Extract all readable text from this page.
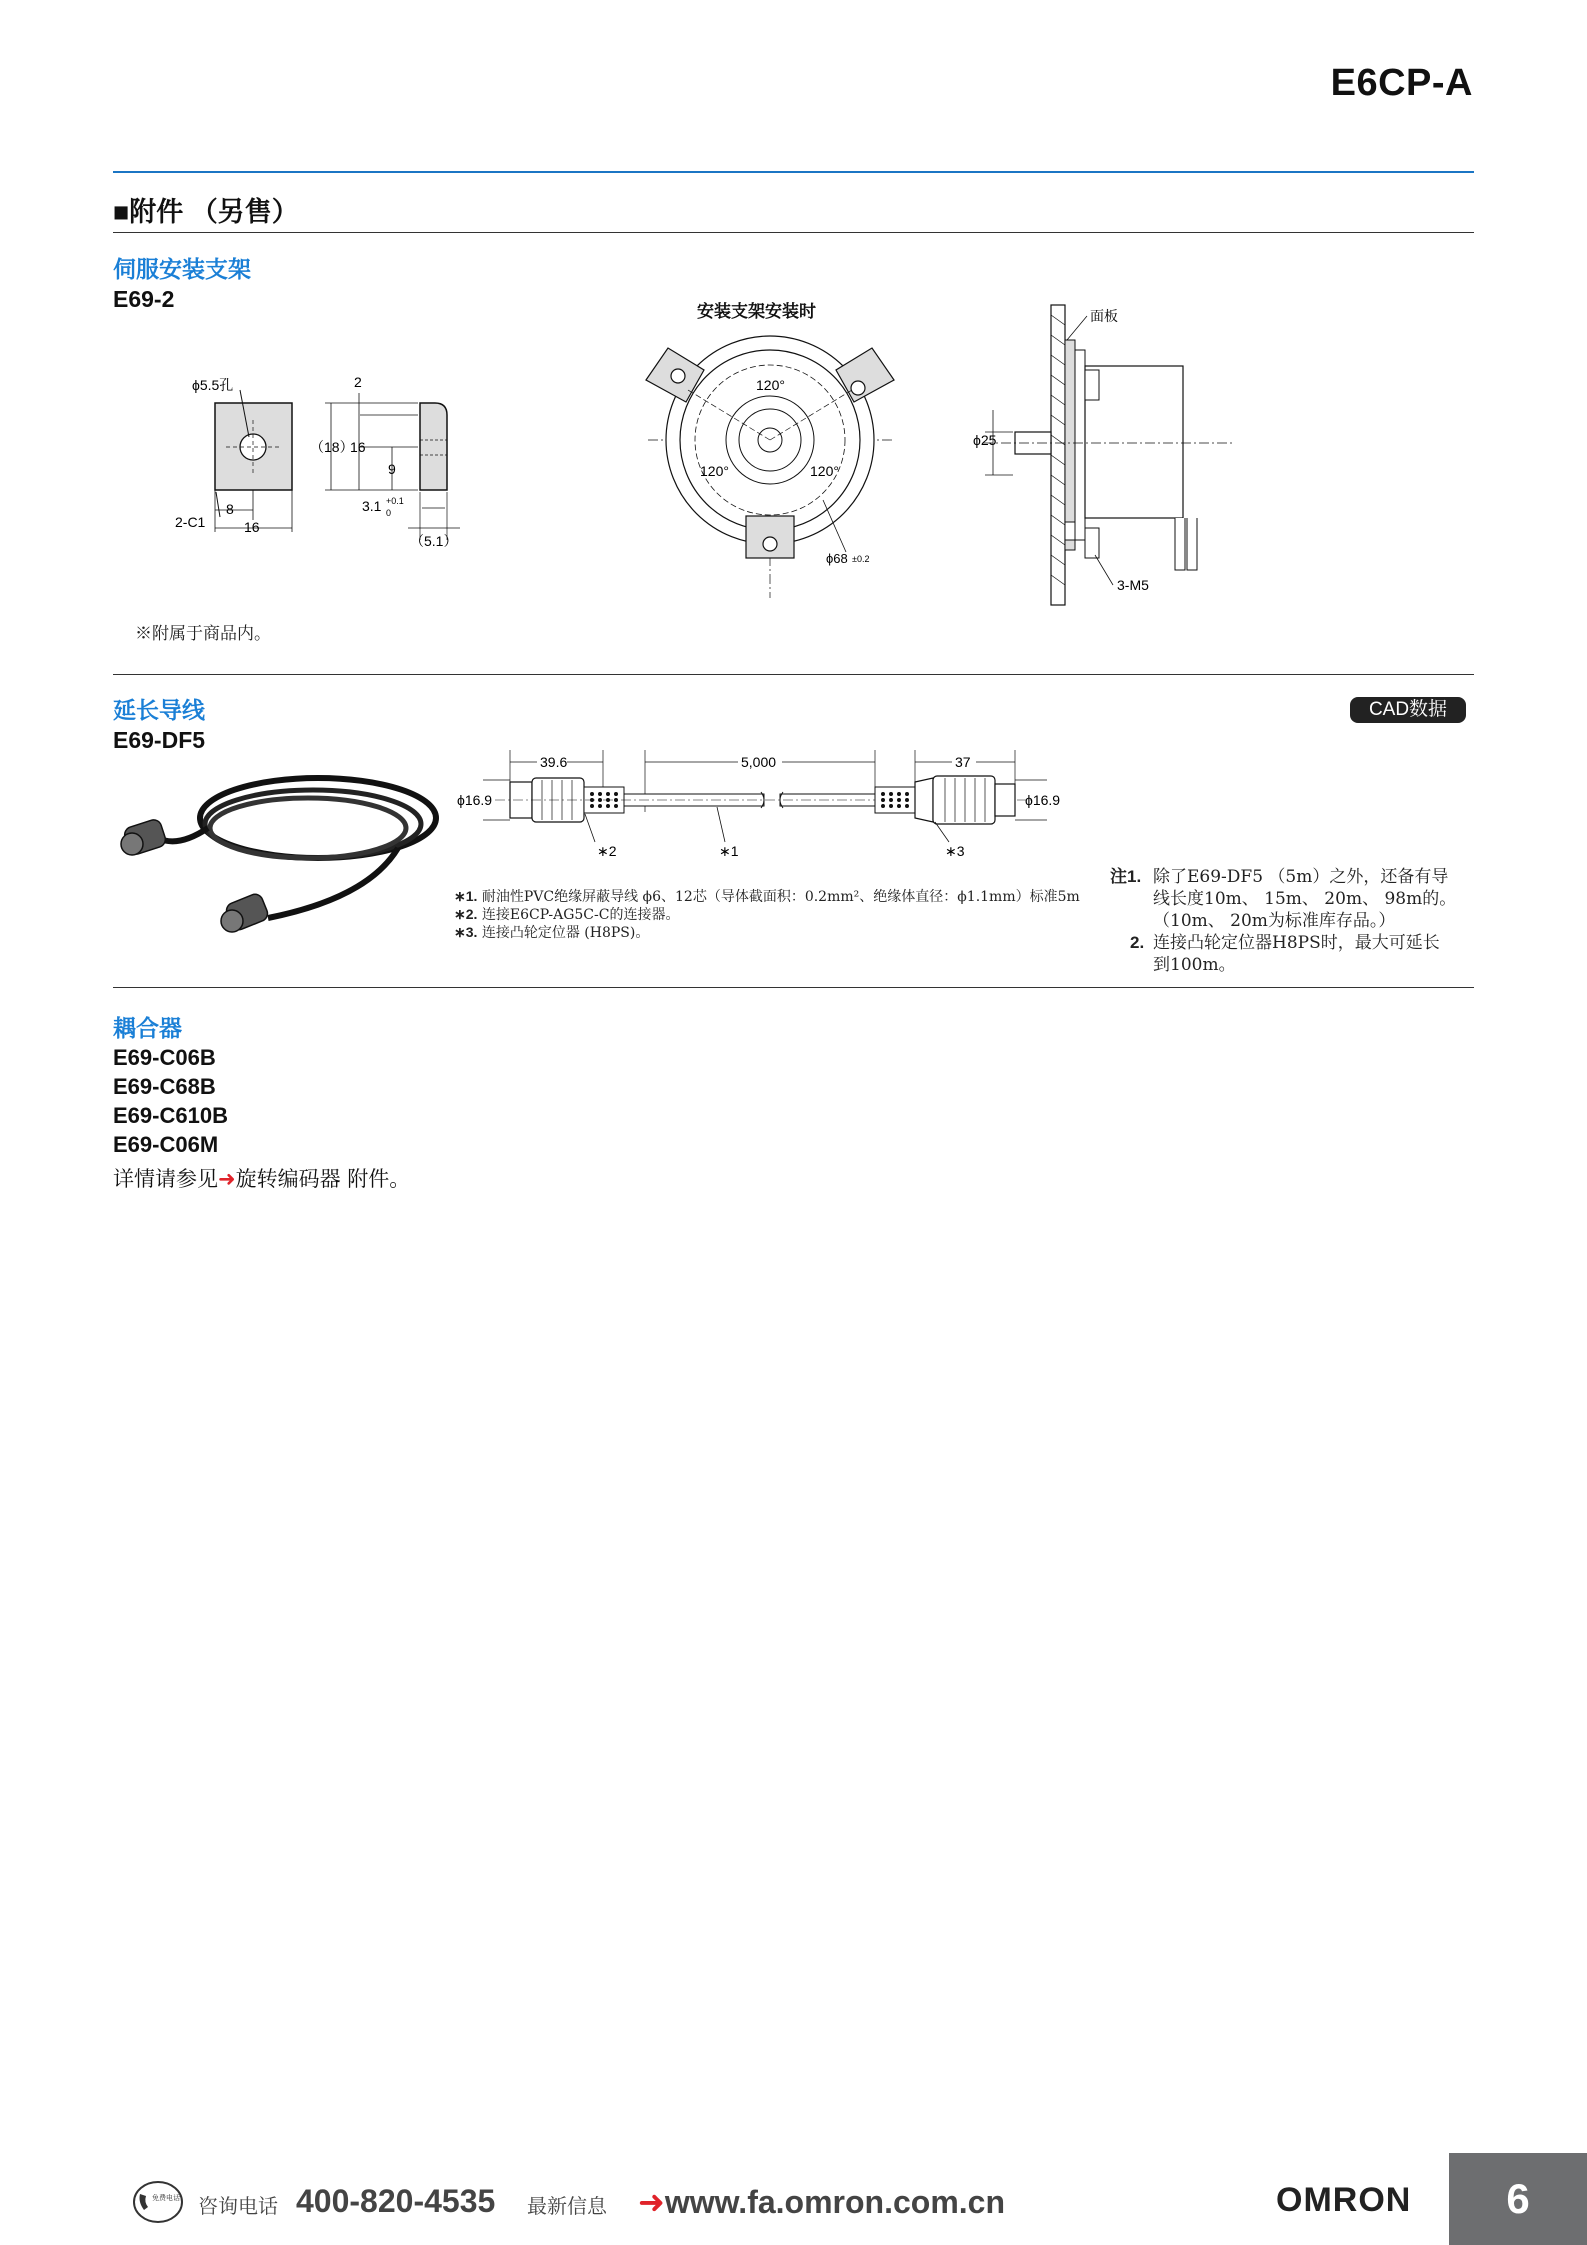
E6CP-A
■附件 （另售）
伺服安装支架
E69-2
ϕ5.5孔
2-C1
8
16
2
（18）
16
9
3.1 +0.1
0
（5.1）
安装支架安装时
120°
120°	120°
ϕ68 ±0.2
面板
ϕ25
3-M5
※附属于商品内。
延长导线	CAD数据
E69-DF5
39.6	5,000	37
ϕ16.9	ϕ16.9
∗2	∗1	∗3
∗1. 耐油性PVC绝缘屏蔽导线 ϕ6、12芯（导体截面积：0.2mm²、绝缘体直径：ϕ1.1mm）标准5m
∗2. 连接E6CP-AG5C-C的连接器。
∗3. 连接凸轮定位器 (H8PS)。
注1. 除了E69-DF5 （5m）之外，还备有导
线长度10m、 15m、 20m、 98m的。
（10m、 20m为标准库存品。）
2. 连接凸轮定位器H8PS时，最大可延长
到100m。
耦合器
E69-C06B
E69-C68B
E69-C610B
E69-C06M
详情请参见➜旋转编码器 附件。
免费电话 咨询电话 400-820-4535 最新信息 ➜www.fa.omron.com.cn	OMRON	6
